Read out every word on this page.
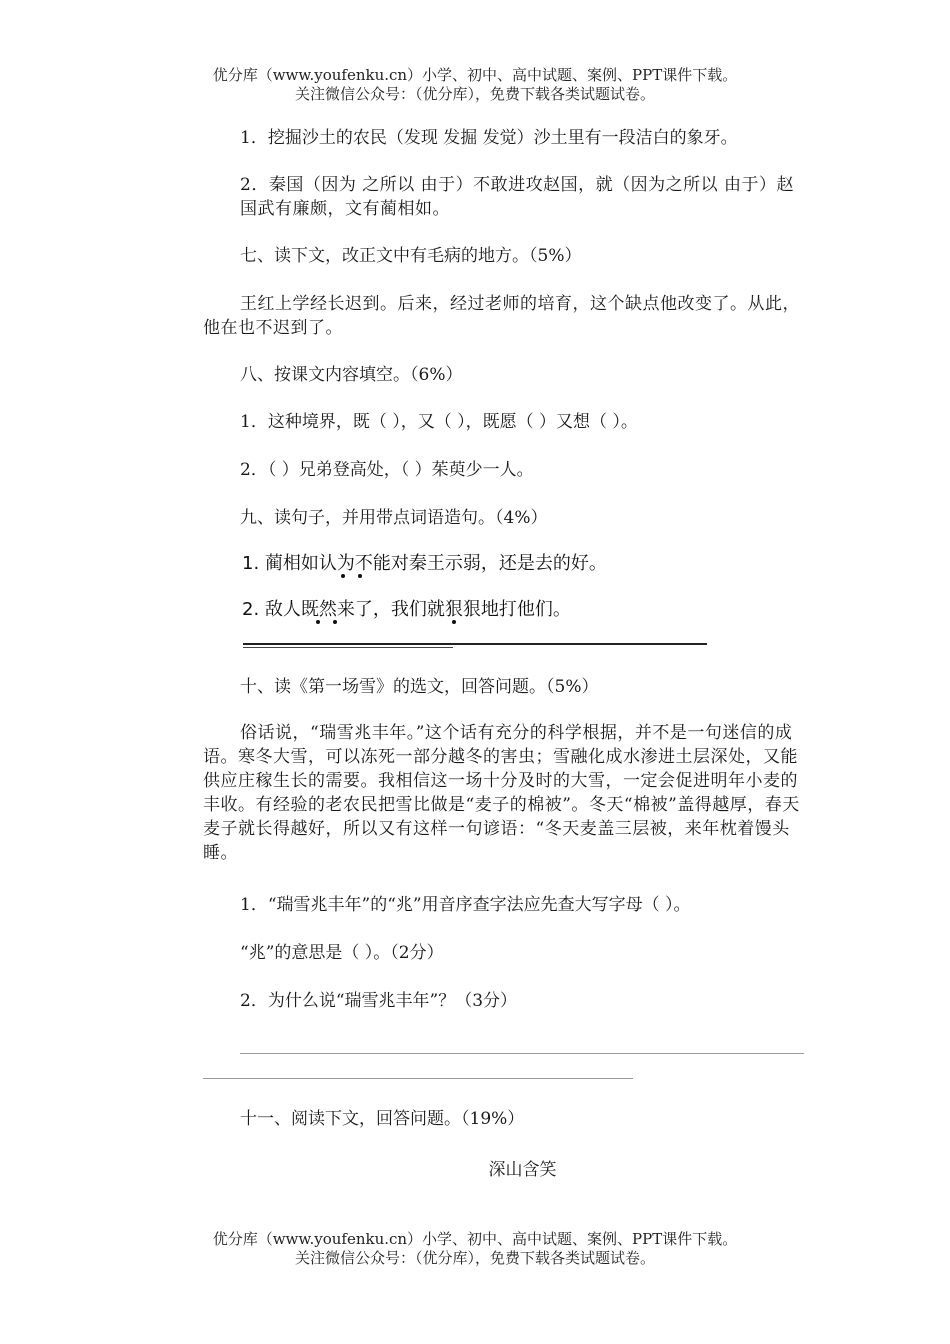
优分库（www.youfenku.cn）小学、初中、高中试题、案例、PPT课件下载。
关注微信公众号：（优分库），免费下载各类试题试卷。
1．挖掘沙土的农民（发现 发掘 发觉）沙土里有一段洁白的象牙。
2．秦国（因为 之所以 由于）不敢进攻赵国，就（因为之所以 由于）赵国武有廉颇，文有蔺相如。
七、读下文，改正文中有毛病的地方。（5%）
王红上学经长迟到。后来，经过老师的培育，这个缺点他改变了。从此，他在也不迟到了。
八、按课文内容填空。（6%）
1．这种境界，既（ ），又（ ），既愿（ ）又想（ ）。
2．（ ）兄弟登高处，（ ）茱萸少一人。
九、读句子，并用带点词语造句。（4%）
1. 蔺相如认为不能对秦王示弱，还是去的好。
2. 敌人既然来了，我们就狠狠地打他们。
十、读《第一场雪》的选文，回答问题。（5%）
俗话说，“瑞雪兆丰年。”这个话有充分的科学根据，并不是一句迷信的成语。寒冬大雪，可以冻死一部分越冬的害虫；雪融化成水渗进土层深处，又能供应庄稼生长的需要。我相信这一场十分及时的大雪，一定会促进明年小麦的丰收。有经验的老农民把雪比做是“麦子的棉被”。冬天“棉被”盖得越厚，春天麦子就长得越好，所以又有这样一句谚语：“冬天麦盖三层被，来年枕着馒头睡。
1．“瑞雪兆丰年”的“兆”用音序查字法应先查大写字母（ ）。
“兆”的意思是（ ）。（2分）
2．为什么说“瑞雪兆丰年”？（3分）
十一、阅读下文，回答问题。（19%）
深山含笑
优分库（www.youfenku.cn）小学、初中、高中试题、案例、PPT课件下载。
关注微信公众号：（优分库），免费下载各类试题试卷。
